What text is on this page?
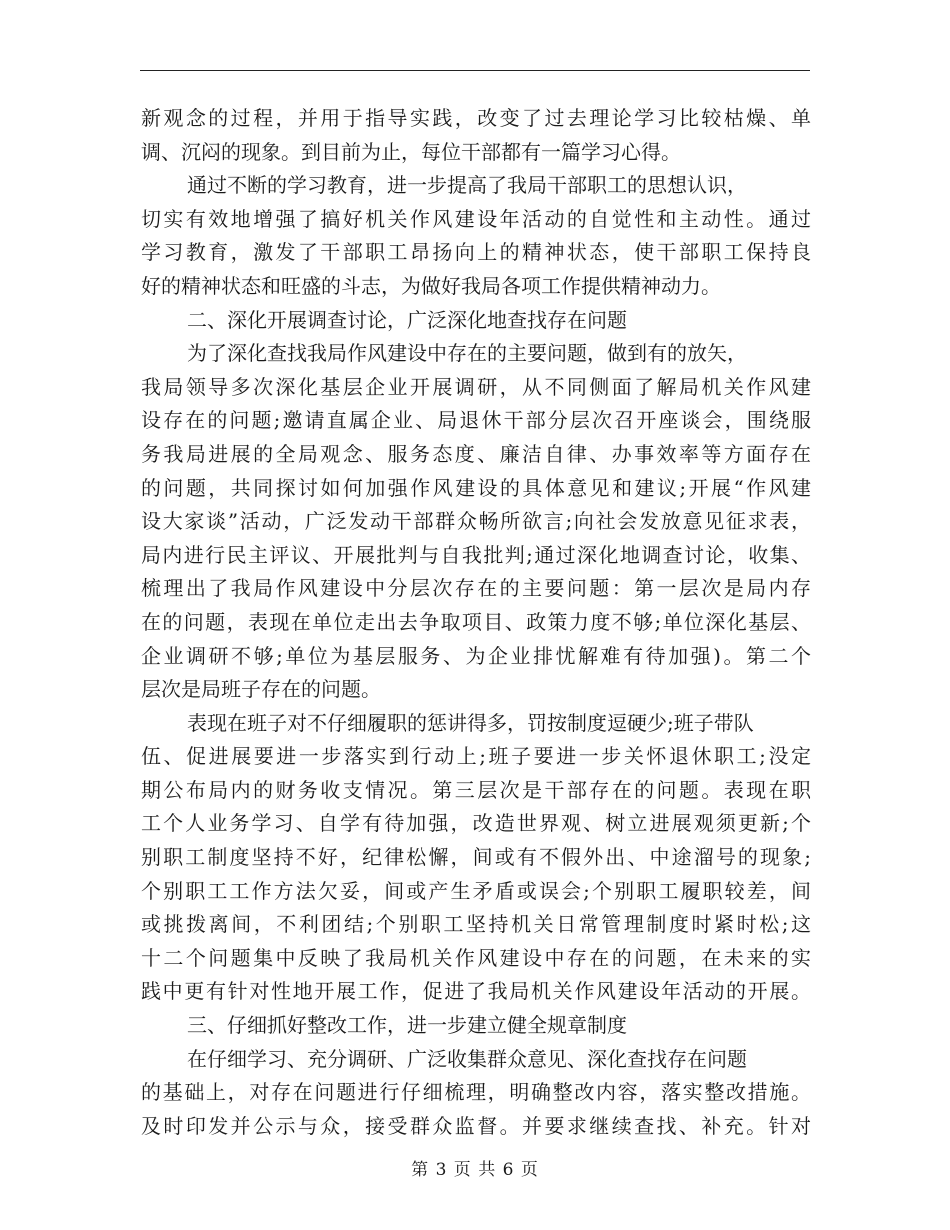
新观念的过程，并用于指导实践，改变了过去理论学习比较枯燥、单
调、沉闷的现象。到目前为止，每位干部都有一篇学习心得。
通过不断的学习教育，进一步提高了我局干部职工的思想认识，
切实有效地增强了搞好机关作风建设年活动的自觉性和主动性。通过
学习教育，激发了干部职工昂扬向上的精神状态，使干部职工保持良
好的精神状态和旺盛的斗志，为做好我局各项工作提供精神动力。
二、深化开展调查讨论，广泛深化地查找存在问题
为了深化查找我局作风建设中存在的主要问题，做到有的放矢，
我局领导多次深化基层企业开展调研，从不同侧面了解局机关作风建
设存在的问题;邀请直属企业、局退休干部分层次召开座谈会，围绕服
务我局进展的全局观念、服务态度、廉洁自律、办事效率等方面存在
的问题，共同探讨如何加强作风建设的具体意见和建议;开展“作风建
设大家谈”活动，广泛发动干部群众畅所欲言;向社会发放意见征求表，
局内进行民主评议、开展批判与自我批判;通过深化地调查讨论，收集、
梳理出了我局作风建设中分层次存在的主要问题：第一层次是局内存
在的问题，表现在单位走出去争取项目、政策力度不够;单位深化基层、
企业调研不够;单位为基层服务、为企业排忧解难有待加强)。第二个
层次是局班子存在的问题。
表现在班子对不仔细履职的惩讲得多，罚按制度逗硬少;班子带队
伍、促进展要进一步落实到行动上;班子要进一步关怀退休职工;没定
期公布局内的财务收支情况。第三层次是干部存在的问题。表现在职
工个人业务学习、自学有待加强，改造世界观、树立进展观须更新;个
别职工制度坚持不好，纪律松懈，间或有不假外出、中途溜号的现象;
个别职工工作方法欠妥，间或产生矛盾或误会;个别职工履职较差，间
或挑拨离间，不利团结;个别职工坚持机关日常管理制度时紧时松;这
十二个问题集中反映了我局机关作风建设中存在的问题，在未来的实
践中更有针对性地开展工作，促进了我局机关作风建设年活动的开展。
三、仔细抓好整改工作，进一步建立健全规章制度
在仔细学习、充分调研、广泛收集群众意见、深化查找存在问题
的基础上，对存在问题进行仔细梳理，明确整改内容，落实整改措施。
及时印发并公示与众，接受群众监督。并要求继续查找、补充。针对
第 3 页 共 6 页
